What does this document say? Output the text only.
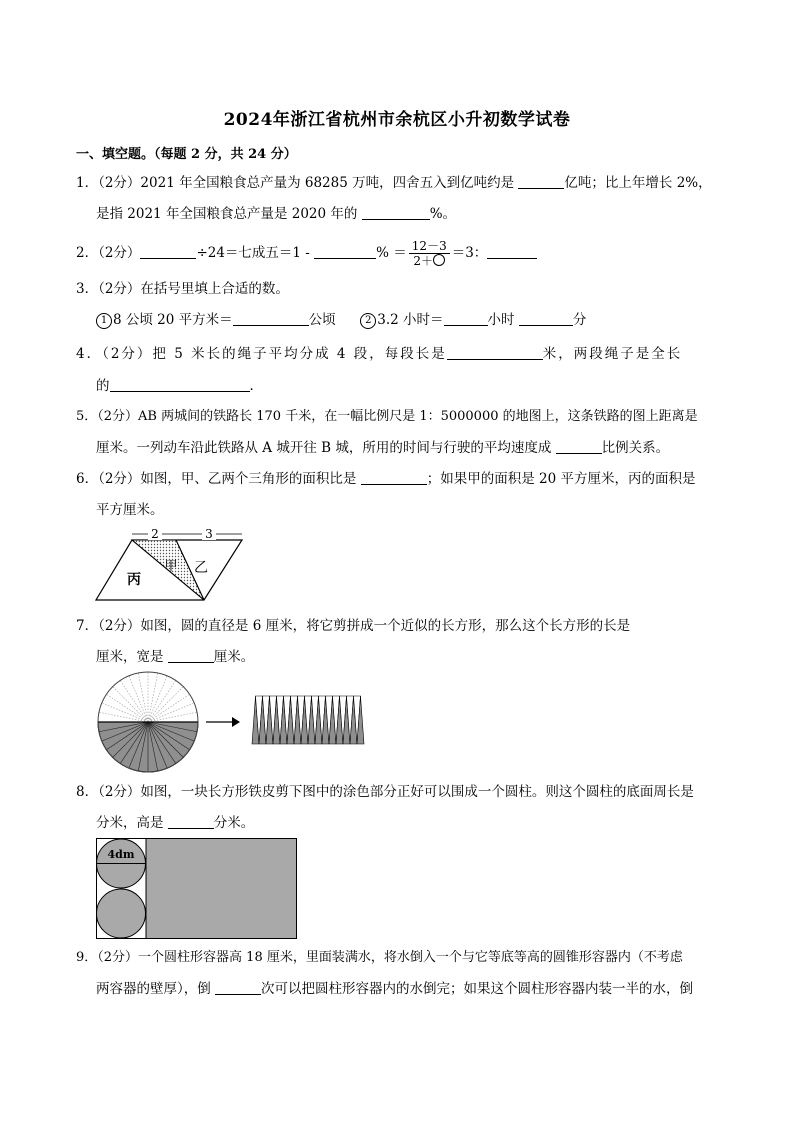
2024年浙江省杭州市余杭区小升初数学试卷
一、填空题。（每题 2 分，共 24 分）
1．（2分）2021 年全国粮食总产量为 68285 万吨，四舍五入到亿吨约是	亿吨；比上年增长 2%，
是指 2021 年全国粮食总产量是 2020 年的	%。
2．（2分）	÷24＝七成五＝1 -	% ＝ $\frac{12-3}{2+} =3$：
3．（2分）在括号里填上合适的数。
1 8 公顷 20 平方米＝	公顷	2 3.2 小时＝	小时	分
4．（2分）把 5 米长的绳子平均分成 4 段，每段长是	米，两段绳子是全长
的	．
5．（2分）AB 两城间的铁路长 170 千米，在一幅比例尺是 1：5000000 的地图上，这条铁路的图上距离是
厘米。一列动车沿此铁路从 A 城开往 B 城，所用的时间与行驶的平均速度成	比例关系。
6．（2分）如图，甲、乙两个三角形的面积比是	；如果甲的面积是 20 平方厘米，丙的面积是
平方厘米。
2	3
丙
甲 乙
7．（2分）如图，圆的直径是 6 厘米，将它剪拼成一个近似的长方形，那么这个长方形的长是
厘米，宽是	厘米。
8．（2分）如图，一块长方形铁皮剪下图中的涂色部分正好可以围成一个圆柱。则这个圆柱的底面周长是
分米，高是	分米。
4dm
9．（2分）一个圆柱形容器高 18 厘米，里面装满水，将水倒入一个与它等底等高的圆锥形容器内（不考虑
两容器的壁厚），倒	次可以把圆柱形容器内的水倒完；如果这个圆柱形容器内装一半的水，倒
